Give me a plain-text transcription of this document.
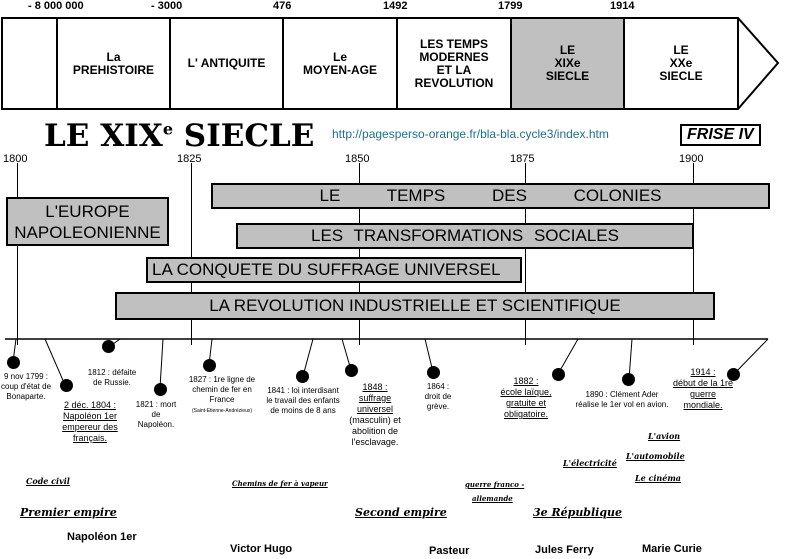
- 8 000 000	- 3000	476	1492	1799	1914
La
PREHISTOIRE	L' ANTIQUITE	Le
MOYEN-AGE
LES TEMPS
MODERNES
ET LA
REVOLUTION
LE
XIXe
SIECLE
LE
XXe
SIECLE
LE XIXe SIECLE http://pagesperso-orange.fr/bla-bla.cycle3/index.htm	FRISE IV
1800	1825	1850	1875	1900
LE TEMPS DES COLONIES
L'EUROPE
NAPOLEONIENNE	LES TRANSFORMATIONS SOCIALES
LA CONQUETE DU SUFFRAGE UNIVERSEL
LA REVOLUTION INDUSTRIELLE ET SCIENTIFIQUE
9 nov 1799 : coup d'état de Bonaparte.
2 déc. 1804 :
Napoléon 1er empereur des français.
1812 : défaite de Russie.
1821 : mort de Napoléon.
1827 : 1re ligne de chemin de fer en France
(Saint-Etienne-Andrézieux)
1841 : loi interdisant le travail des enfants de moins de 8 ans
1848 :
suffrage universel
(masculin) et abolition de l'esclavage.
1864 : droit de grève.
1882 :
école laïque, gratuite et obligatoire.
1890 : Clément Ader réalise le 1er vol en avion.
1914 :
début de la 1re guerre mondiale.
Code civil
Premier empire
Chemins de fer à vapeur
Second empire
guerre franco -
allemande
3e République
L'électricité
L'avion
L'automobile
Le cinéma
Napoléon 1er
Victor Hugo	Pasteur	Jules Ferry	Marie Curie
